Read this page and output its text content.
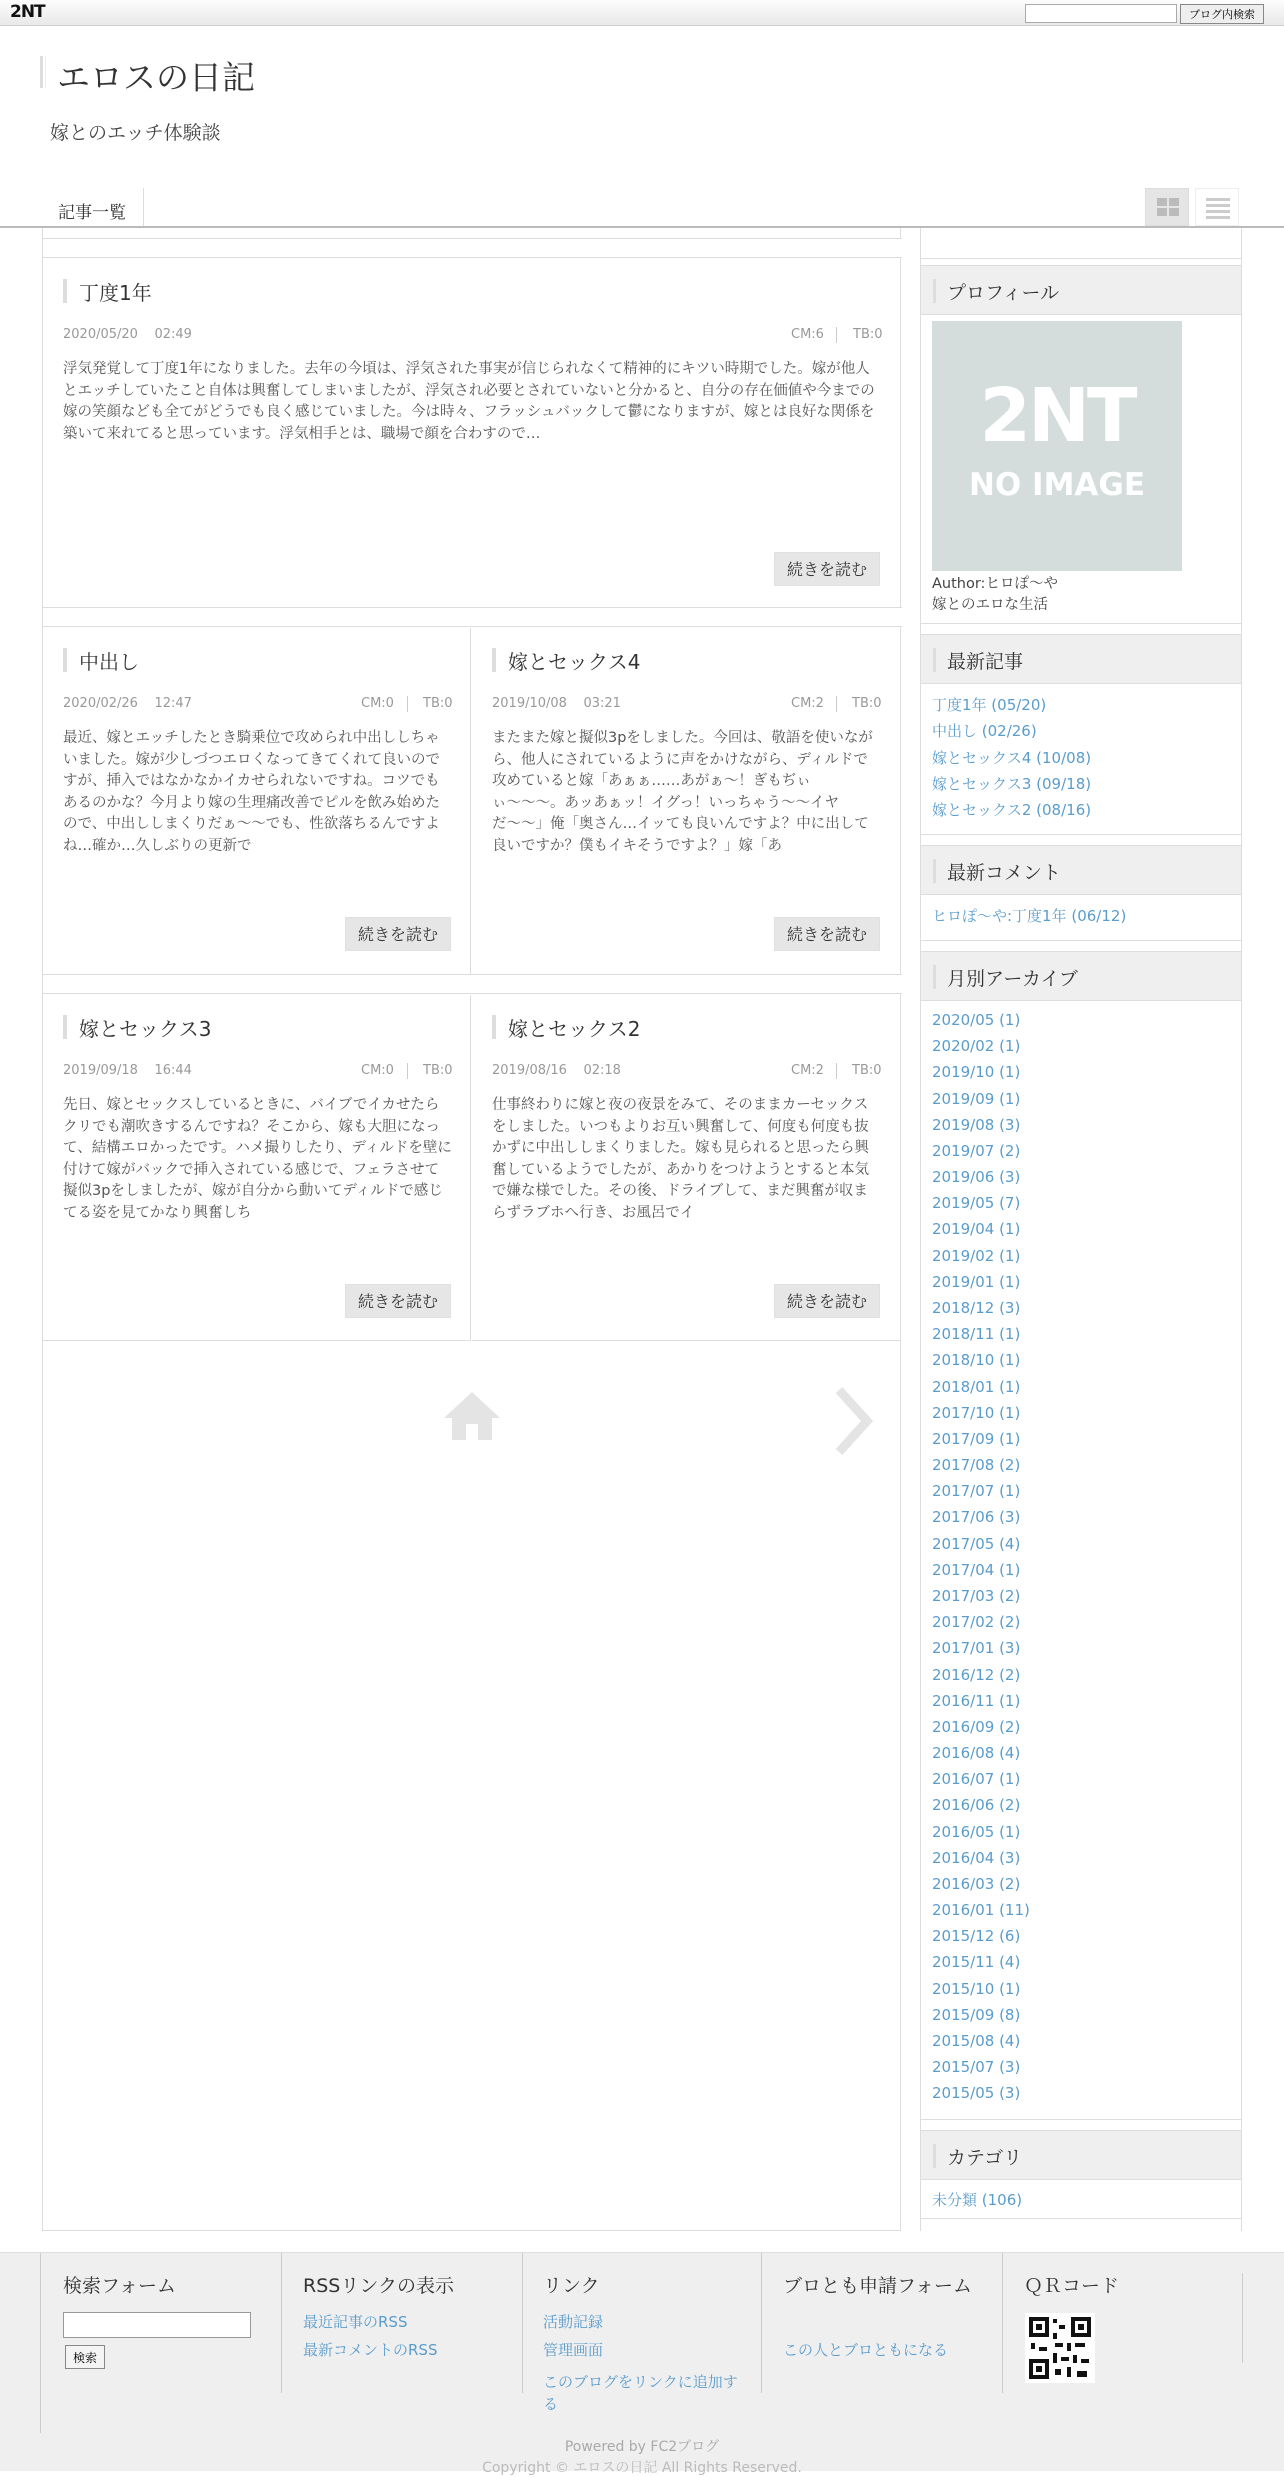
2NT	ブログ内検索
エロスの日記
嫁とのエッチ体験談
記事一覧
丁度1年
2020/05/20 02:49	CM:6 TB:0
浮気発覚して丁度1年になりました。去年の今頃は、浮気された事実が信じられなくて精神的にキツい時期でした。嫁が他人とエッチしていたこと自体は興奮してしまいましたが、浮気され必要とされていないと分かると、自分の存在価値や今までの嫁の笑顔なども全てがどうでも良く感じていました。今は時々、フラッシュバックして鬱になりますが、嫁とは良好な関係を築いて来れてると思っています。浮気相手とは、職場で顔を合わすので…
続きを読む
中出し
2020/02/26 12:47	CM:0 TB:0
最近、嫁とエッチしたとき騎乗位で攻められ中出ししちゃいました。嫁が少しづつエロくなってきてくれて良いのですが、挿入ではなかなかイカせられないですね。コツでもあるのかな？今月より嫁の生理痛改善でピルを飲み始めたので、中出ししまくりだぁ〜〜でも、性欲落ちるんですよね…確か…久しぶりの更新で
続きを読む
嫁とセックス4
2019/10/08 03:21	CM:2 TB:0
またまた嫁と擬似3pをしました。今回は、敬語を使いながら、他人にされているように声をかけながら、ディルドで攻めていると嫁「あぁぁ……あがぁ〜！ぎもぢぃぃ〜〜〜。あッあぁッ！イグっ！いっちゃう〜〜イヤだ〜〜」俺「奥さん…イッても良いんですよ？中に出して良いですか？僕もイキそうですよ？」嫁「あ
続きを読む
嫁とセックス3
2019/09/18 16:44	CM:0 TB:0
先日、嫁とセックスしているときに、バイブでイカせたらクリでも潮吹きするんですね？そこから、嫁も大胆になって、結構エロかったです。ハメ撮りしたり、ディルドを壁に付けて嫁がバックで挿入されている感じで、フェラさせて擬似3pをしましたが、嫁が自分から動いてディルドで感じてる姿を見てかなり興奮しち
続きを読む
嫁とセックス2
2019/08/16 02:18	CM:2 TB:0
仕事終わりに嫁と夜の夜景をみて、そのままカーセックスをしました。いつもよりお互い興奮して、何度も何度も抜かずに中出ししまくりました。嫁も見られると思ったら興奮しているようでしたが、あかりをつけようとすると本気で嫌な様でした。その後、ドライブして、まだ興奮が収まらずラブホへ行き、お風呂でイ
続きを読む
プロフィール
2NT
NO IMAGE
Author:ヒロぽ〜や
嫁とのエロな生活
最新記事
丁度1年 (05/20)
中出し (02/26)
嫁とセックス4 (10/08)
嫁とセックス3 (09/18)
嫁とセックス2 (08/16)
最新コメント
ヒロぽ〜や:丁度1年 (06/12)
月別アーカイブ
2020/05 (1)
2020/02 (1)
2019/10 (1)
2019/09 (1)
2019/08 (3)
2019/07 (2)
2019/06 (3)
2019/05 (7)
2019/04 (1)
2019/02 (1)
2019/01 (1)
2018/12 (3)
2018/11 (1)
2018/10 (1)
2018/01 (1)
2017/10 (1)
2017/09 (1)
2017/08 (2)
2017/07 (1)
2017/06 (3)
2017/05 (4)
2017/04 (1)
2017/03 (2)
2017/02 (2)
2017/01 (3)
2016/12 (2)
2016/11 (1)
2016/09 (2)
2016/08 (4)
2016/07 (1)
2016/06 (2)
2016/05 (1)
2016/04 (3)
2016/03 (2)
2016/01 (11)
2015/12 (6)
2015/11 (4)
2015/10 (1)
2015/09 (8)
2015/08 (4)
2015/07 (3)
2015/05 (3)
カテゴリ
未分類 (106)
検索フォーム
検索
RSSリンクの表示
最近記事のRSS
最新コメントのRSS
リンク
活動記録
管理画面
このブログをリンクに追加する
ブロとも申請フォーム
この人とブロともになる
ＱＲコード
Powered by FC2ブログ
Copyright © エロスの日記 All Rights Reserved.
